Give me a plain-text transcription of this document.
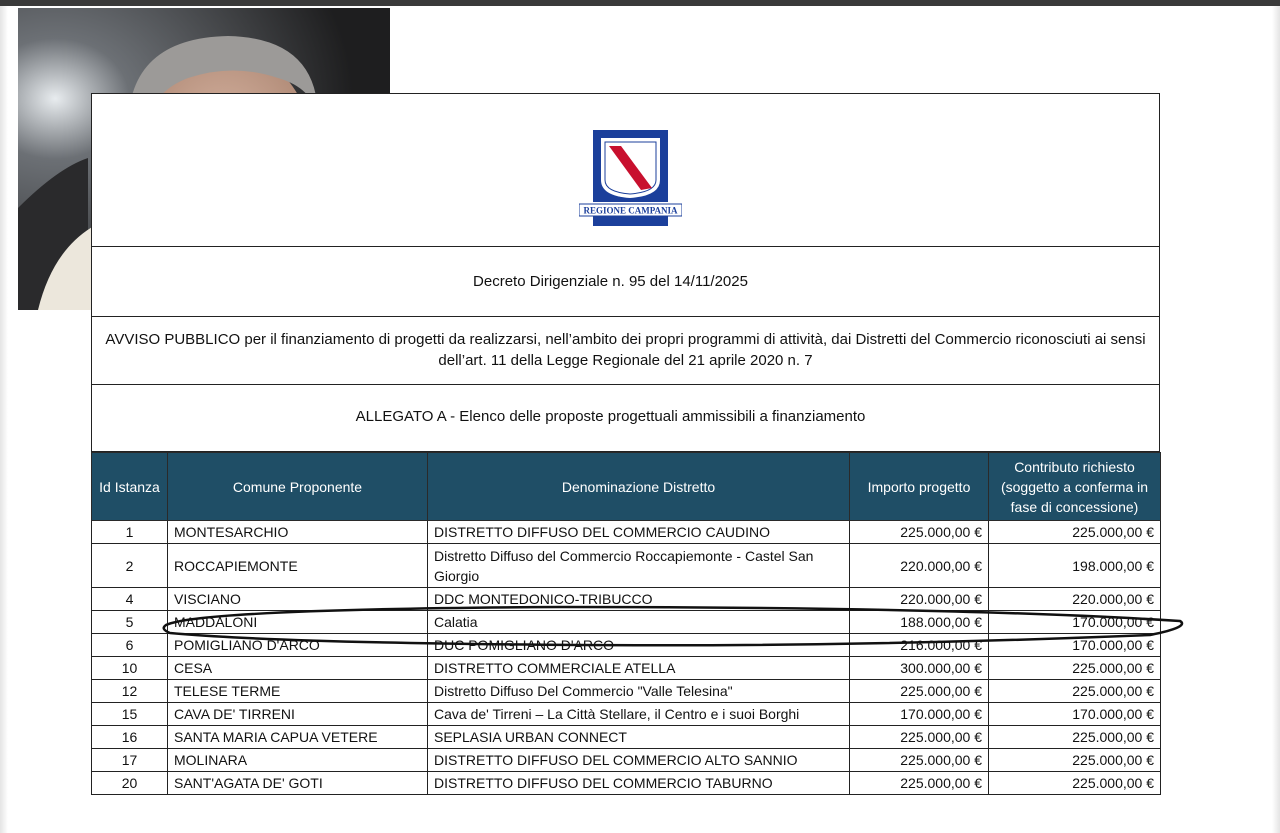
REGIONE CAMPANIA
Decreto Dirigenziale n. 95 del 14/11/2025
AVVISO PUBBLICO per il finanziamento di progetti da realizzarsi, nell’ambito dei propri programmi di attività, dai Distretti del Commercio riconosciuti ai sensi dell’art. 11 della Legge Regionale del 21 aprile 2020 n. 7
ALLEGATO A - Elenco delle proposte progettuali ammissibili a finanziamento
Id Istanza	Comune Proponente	Denominazione Distretto	Importo progetto	Contributo richiesto (soggetto a conferma in fase di concessione)
1	MONTESARCHIO	DISTRETTO DIFFUSO DEL COMMERCIO CAUDINO	225.000,00 €	225.000,00 €
2	ROCCAPIEMONTE	Distretto Diffuso del Commercio Roccapiemonte - Castel San Giorgio	220.000,00 €	198.000,00 €
4	VISCIANO	DDC MONTEDONICO-TRIBUCCO	220.000,00 €	220.000,00 €
5	MADDALONI	Calatia	188.000,00 €	170.000,00 €
6	POMIGLIANO D'ARCO	DUC POMIGLIANO D'ARCO	216.000,00 €	170.000,00 €
10	CESA	DISTRETTO COMMERCIALE ATELLA	300.000,00 €	225.000,00 €
12	TELESE TERME	Distretto Diffuso Del Commercio "Valle Telesina"	225.000,00 €	225.000,00 €
15	CAVA DE' TIRRENI	Cava de' Tirreni – La Città Stellare, il Centro e i suoi Borghi	170.000,00 €	170.000,00 €
16	SANTA MARIA CAPUA VETERE	SEPLASIA URBAN CONNECT	225.000,00 €	225.000,00 €
17	MOLINARA	DISTRETTO DIFFUSO DEL COMMERCIO ALTO SANNIO	225.000,00 €	225.000,00 €
20	SANT'AGATA DE' GOTI	DISTRETTO DIFFUSO DEL COMMERCIO TABURNO	225.000,00 €	225.000,00 €
